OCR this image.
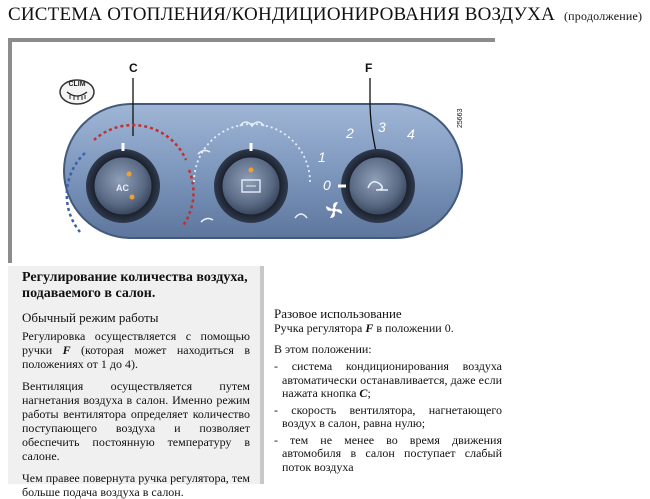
СИСТЕМА ОТОПЛЕНИЯ/КОНДИЦИОНИРОВАНИЯ ВОЗДУХА (продолжение)
CLIM
C	F
25663
AC	0
1
2 3 4
Регулирование количества воздуха, подаваемого в салон.
Обычный режим работы

Регулировка осуществляется с помощью ручки F (которая может находиться в положениях от 1 до 4).

Вентиляция осуществляется путем нагнетания воздуха в салон. Именно режим работы вентилятора определяет количество поступающего воздуха и позволяет обеспечить постоянную температуру в салоне.

Чем правее повернута ручка регулятора, тем больше подача воздуха в салон.

Разовое использование

Ручка регулятора F в положении 0.

В этом положении:

- система кондиционирования воздуха автоматически останавливается, даже если нажата кнопка C;
- скорость вентилятора, нагнетающего воздух в салон, равна нулю;
- тем не менее во время движения автомобиля в салон поступает слабый поток воздуха
